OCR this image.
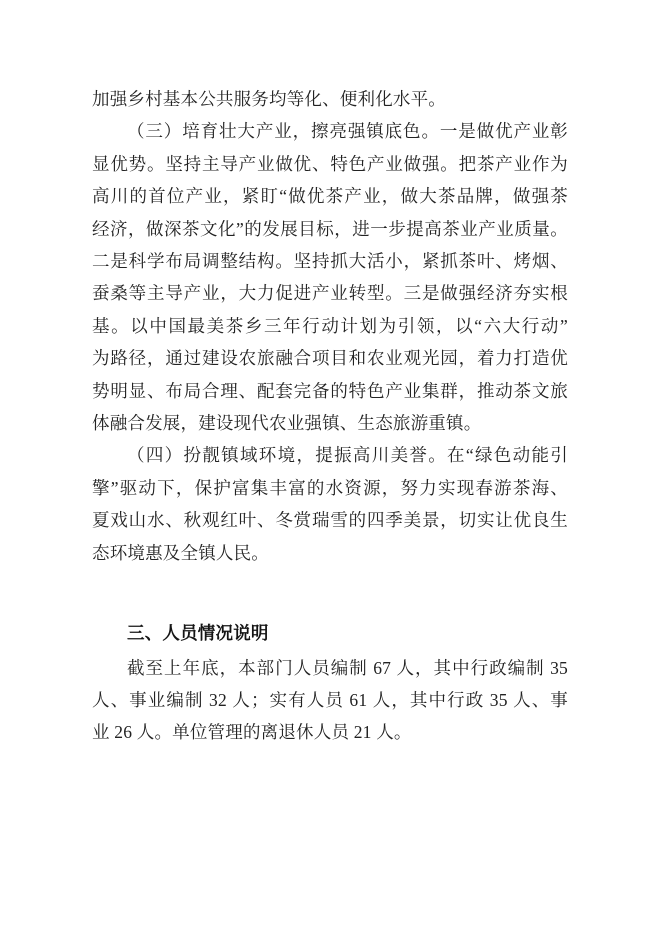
加强乡村基本公共服务均等化、便利化水平。
（三）培育壮大产业，擦亮强镇底色。一是做优产业彰
显优势。坚持主导产业做优、特色产业做强。把茶产业作为
高川的首位产业，紧盯“做优茶产业，做大茶品牌，做强茶
经济，做深茶文化”的发展目标，进一步提高茶业产业质量。
二是科学布局调整结构。坚持抓大活小，紧抓茶叶、烤烟、
蚕桑等主导产业，大力促进产业转型。三是做强经济夯实根
基。以中国最美茶乡三年行动计划为引领，以“六大行动”
为路径，通过建设农旅融合项目和农业观光园，着力打造优
势明显、布局合理、配套完备的特色产业集群，推动茶文旅
体融合发展，建设现代农业强镇、生态旅游重镇。
（四）扮靓镇域环境，提振高川美誉。在“绿色动能引
擎”驱动下，保护富集丰富的水资源，努力实现春游茶海、
夏戏山水、秋观红叶、冬赏瑞雪的四季美景，切实让优良生
态环境惠及全镇人民。
三、人员情况说明
截至上年底，本部门人员编制 67 人，其中行政编制 35
人、事业编制 32 人；实有人员 61 人，其中行政 35 人、事
业 26 人。单位管理的离退休人员 21 人。
